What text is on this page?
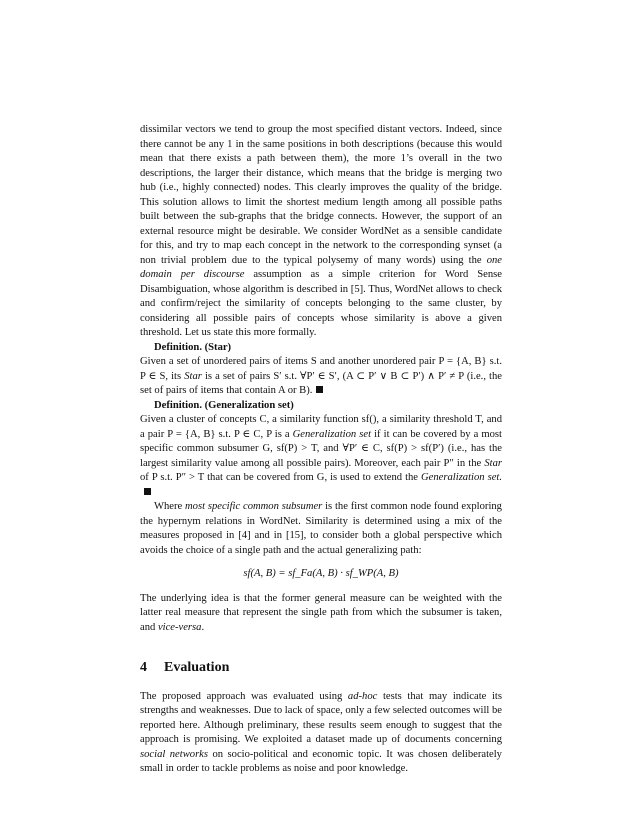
dissimilar vectors we tend to group the most specified distant vectors. Indeed, since there cannot be any 1 in the same positions in both descriptions (because this would mean that there exists a path between them), the more 1’s overall in the two descriptions, the larger their distance, which means that the bridge is merging two hub (i.e., highly connected) nodes. This clearly improves the quality of the bridge. This solution allows to limit the shortest medium length among all possible paths built between the sub-graphs that the bridge connects. However, the support of an external resource might be desirable. We consider WordNet as a sensible candidate for this, and try to map each concept in the network to the corresponding synset (a non trivial problem due to the typical polysemy of many words) using the one domain per discourse assumption as a simple criterion for Word Sense Disambiguation, whose algorithm is described in [5]. Thus, WordNet allows to check and confirm/reject the similarity of concepts belonging to the same cluster, by considering all possible pairs of concepts whose similarity is above a given threshold. Let us state this more formally.

Definition. (Star)

Given a set of unordered pairs of items S and another unordered pair P = {A, B} s.t. P ∈ S, its Star is a set of pairs S′ s.t. ∀P′ ∈ S′, (A ⊂ P′ ∨ B ⊂ P′) ∧ P′ ≠ P (i.e., the set of pairs of items that contain A or B).

Definition. (Generalization set)

Given a cluster of concepts C, a similarity function sf(), a similarity threshold T, and a pair P = {A, B} s.t. P ∈ C, P is a Generalization set if it can be covered by a most specific common subsumer G, sf(P) > T, and ∀P′ ∈ C, sf(P) > sf(P′) (i.e., has the largest similarity value among all possible pairs). Moreover, each pair P″ in the Star of P s.t. P″ > T that can be covered from G, is used to extend the Generalization set.

Where most specific common subsumer is the first common node found exploring the hypernym relations in WordNet. Similarity is determined using a mix of the measures proposed in [4] and in [15], to consider both a global perspective which avoids the choice of a single path and the actual generalizing path:

sf(A, B) = sf_Fa(A, B) · sf_WP(A, B)

The underlying idea is that the former general measure can be weighted with the latter real measure that represent the single path from which the subsumer is taken, and vice-versa.

4 Evaluation

The proposed approach was evaluated using ad-hoc tests that may indicate its strengths and weaknesses. Due to lack of space, only a few selected outcomes will be reported here. Although preliminary, these results seem enough to suggest that the approach is promising. We exploited a dataset made up of documents concerning social networks on socio-political and economic topic. It was chosen deliberately small in order to tackle problems as noise and poor knowledge.
